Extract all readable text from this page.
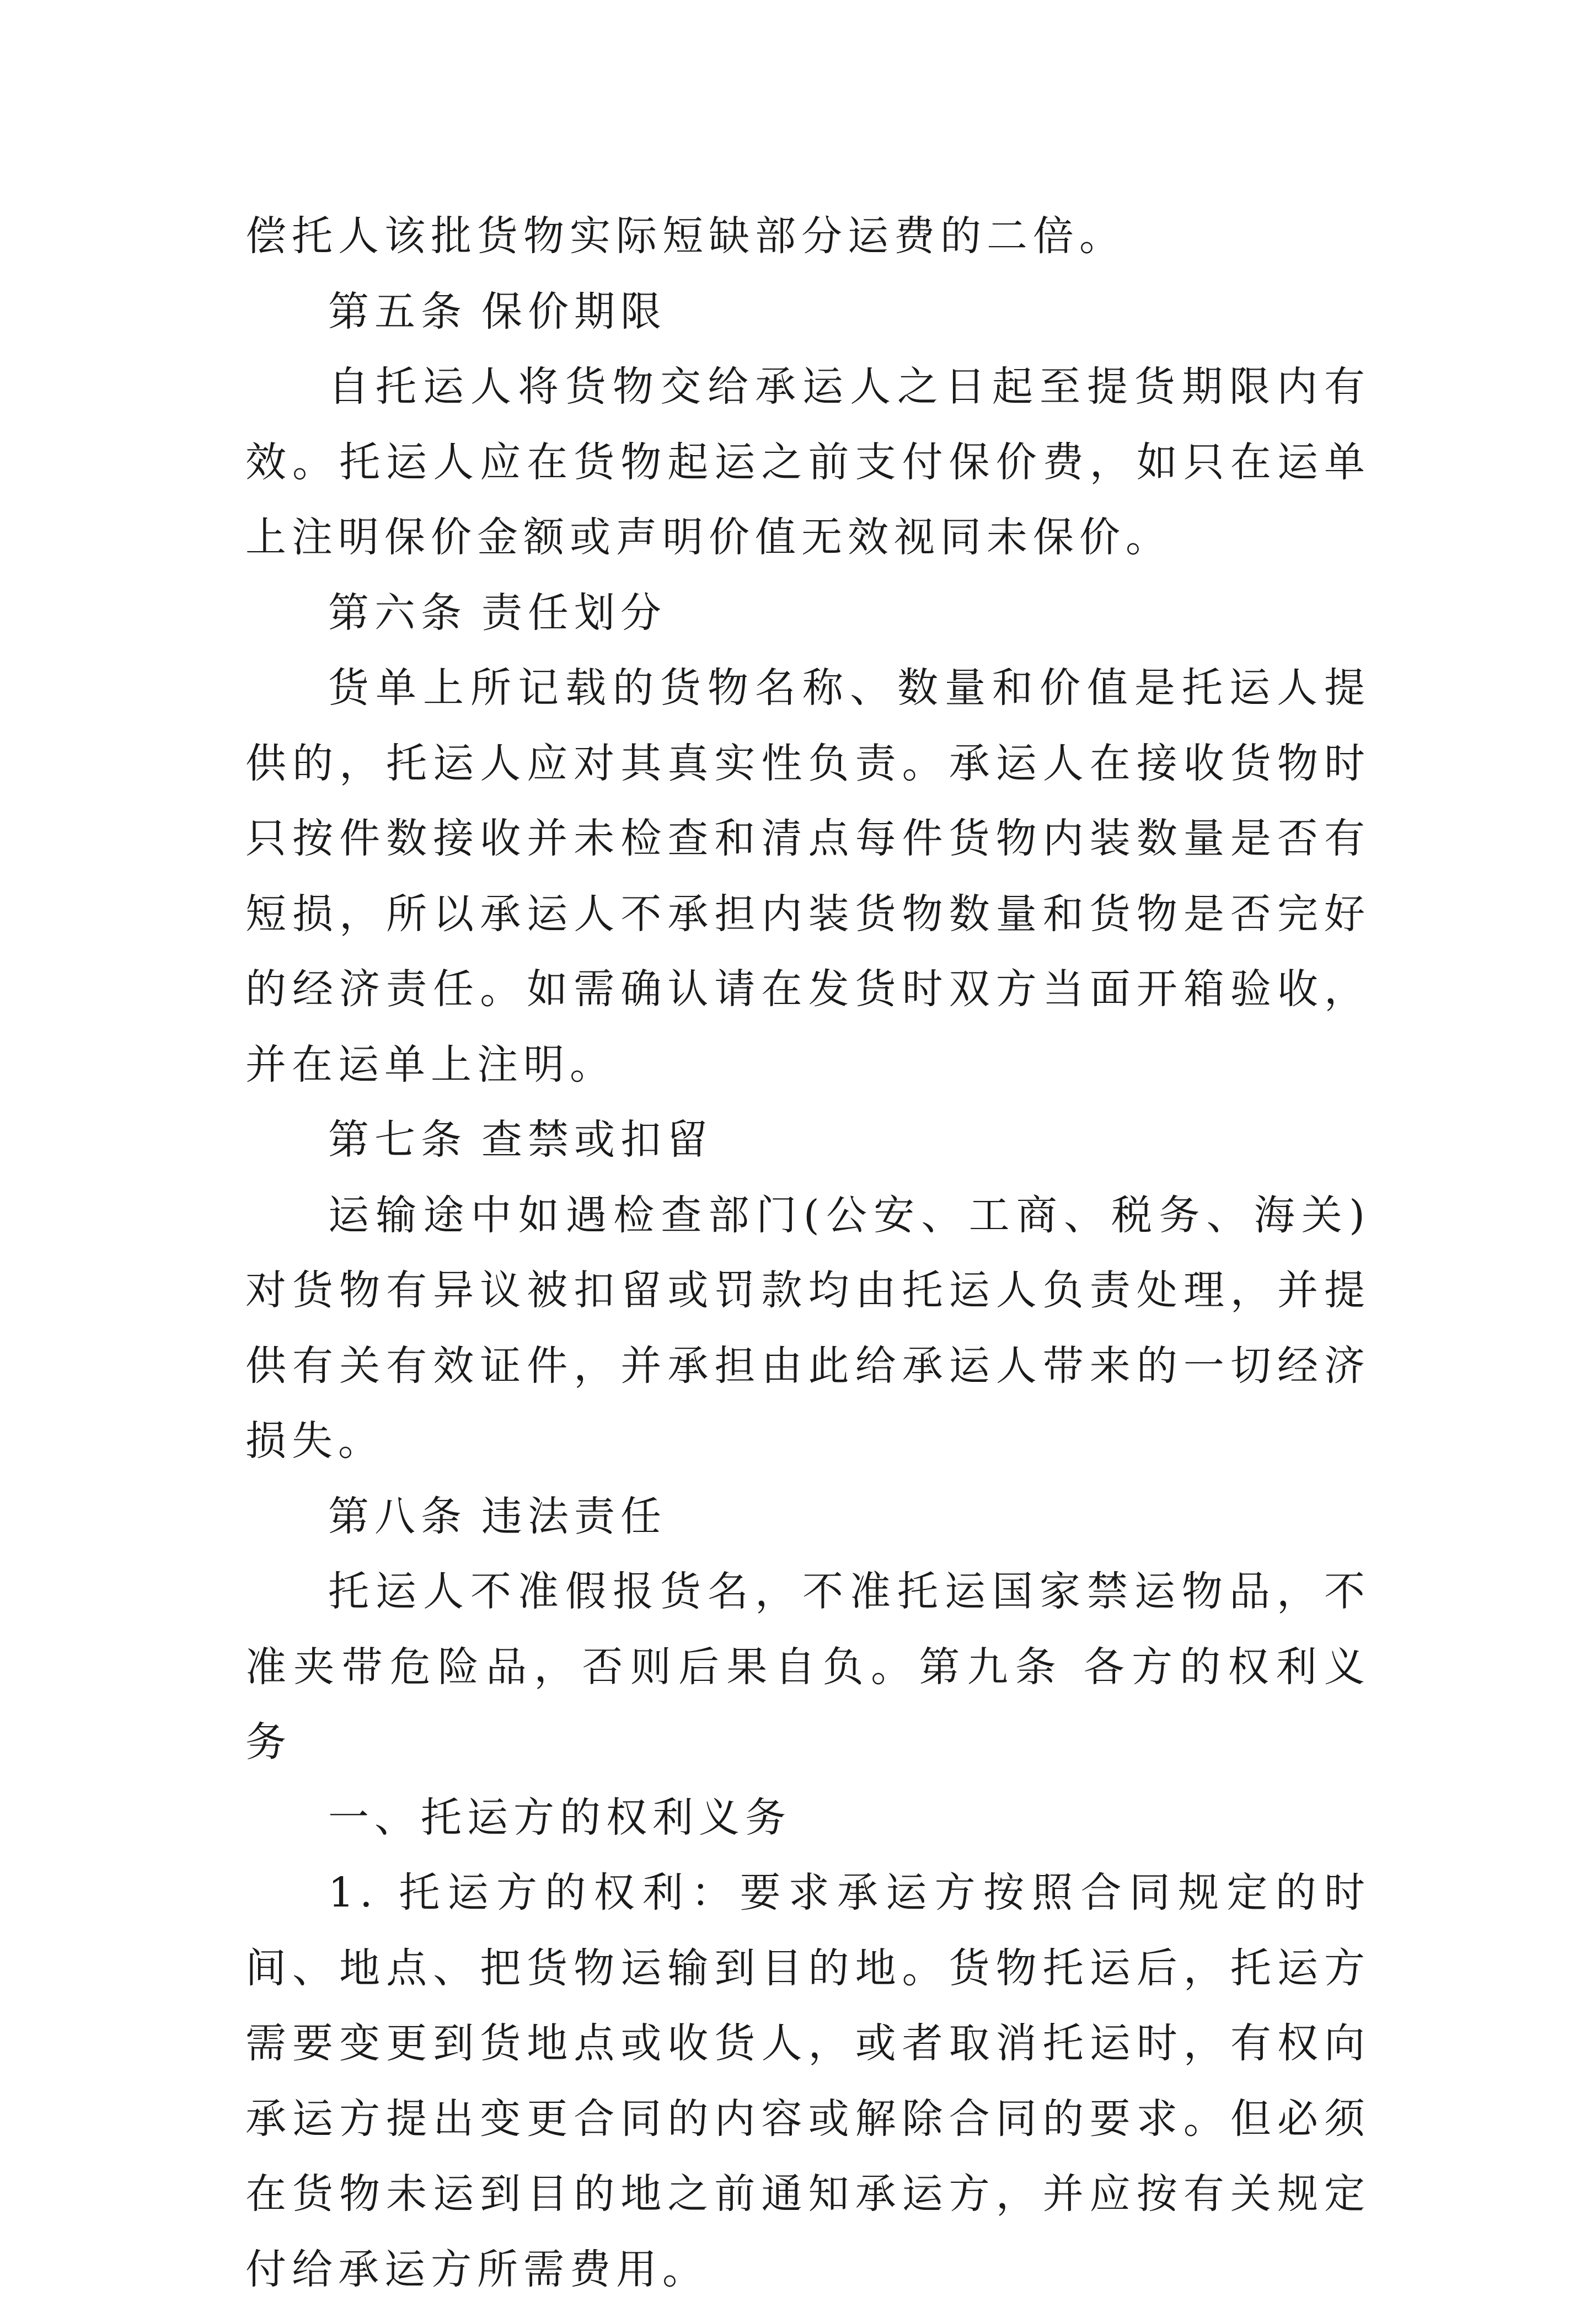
偿托人该批货物实际短缺部分运费的二倍。

第五条 保价期限

自托运人将货物交给承运人之日起至提货期限内有效。托运人应在货物起运之前支付保价费，如只在运单上注明保价金额或声明价值无效视同未保价。

第六条 责任划分

货单上所记载的货物名称、数量和价值是托运人提供的，托运人应对其真实性负责。承运人在接收货物时只按件数接收并未检查和清点每件货物内装数量是否有短损，所以承运人不承担内装货物数量和货物是否完好的经济责任。如需确认请在发货时双方当面开箱验收，并在运单上注明。

第七条 查禁或扣留

运输途中如遇检查部门(公安、工商、税务、海关)对货物有异议被扣留或罚款均由托运人负责处理，并提供有关有效证件，并承担由此给承运人带来的一切经济损失。

第八条 违法责任

托运人不准假报货名，不准托运国家禁运物品，不准夹带危险品，否则后果自负。第九条 各方的权利义务

一、托运方的权利义务

1. 托运方的权利：要求承运方按照合同规定的时间、地点、把货物运输到目的地。货物托运后，托运方需要变更到货地点或收货人，或者取消托运时，有权向承运方提出变更合同的内容或解除合同的要求。但必须在货物未运到目的地之前通知承运方，并应按有关规定付给承运方所需费用。
